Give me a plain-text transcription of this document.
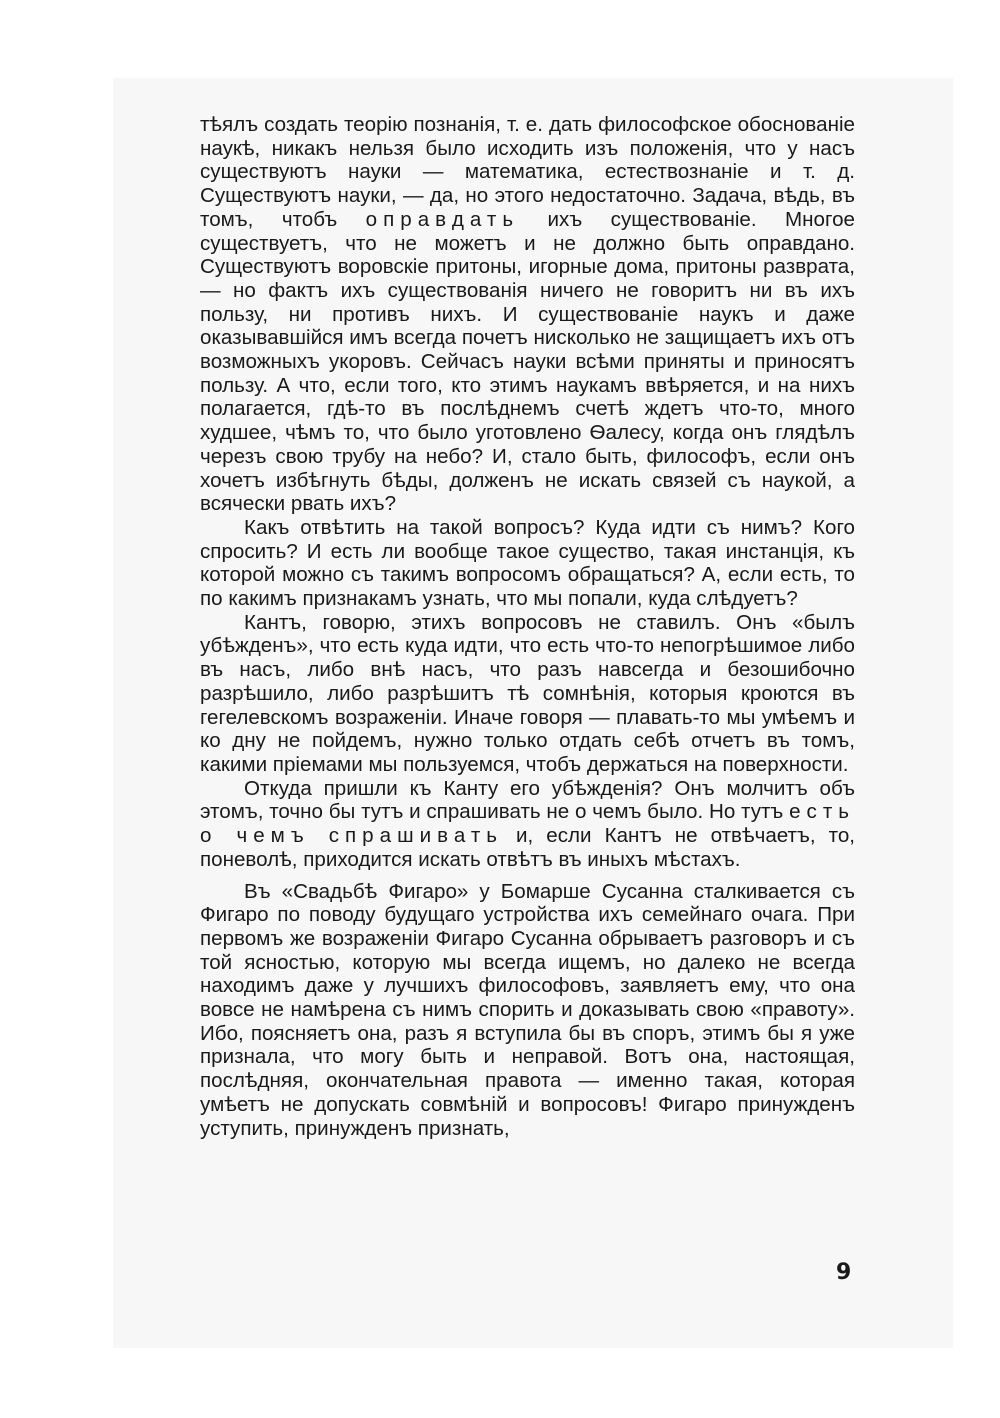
тѣялъ создать теорію познанія, т. е. дать философское обоснованіе наукѣ, никакъ нельзя было исходить изъ положенія, что у насъ существуютъ науки — математика, естествознаніе и т. д. Существуютъ науки, — да, но этого недостаточно. Задача, вѣдь, въ томъ, чтобъ оправдать ихъ существованіе. Многое существуетъ, что не можетъ и не должно быть оправдано. Существуютъ воровскіе притоны, игорные дома, притоны разврата, — но фактъ ихъ существованія ничего не говоритъ ни въ ихъ пользу, ни противъ нихъ. И существованіе наукъ и даже оказывавшійся имъ всегда почетъ нисколько не защищаетъ ихъ отъ возможныхъ укоровъ. Сейчасъ науки всѣми приняты и приносятъ пользу. А что, если того, кто этимъ наукамъ ввѣряется, и на нихъ полагается, гдѣ-то въ послѣднемъ счетѣ ждетъ что-то, много худшее, чѣмъ то, что было уготовлено Ѳалесу, когда онъ глядѣлъ черезъ свою трубу на небо? И, стало быть, философъ, если онъ хочетъ избѣгнуть бѣды, долженъ не искать связей съ наукой, а всячески рвать ихъ?

Какъ отвѣтить на такой вопросъ? Куда идти съ нимъ? Кого спросить? И есть ли вообще такое существо, такая инстанція, къ которой можно съ такимъ вопросомъ обращаться? А, если есть, то по какимъ признакамъ узнать, что мы попали, куда слѣдуетъ?

Кантъ, говорю, этихъ вопросовъ не ставилъ. Онъ «былъ убѣжденъ», что есть куда идти, что есть что-то непогрѣшимое либо въ насъ, либо внѣ насъ, что разъ навсегда и безошибочно разрѣшило, либо разрѣшитъ тѣ сомнѣнія, которыя кроются въ гегелевскомъ возраженіи. Иначе говоря — плавать-то мы умѣемъ и ко дну не пойдемъ, нужно только отдать себѣ отчетъ въ томъ, какими пріемами мы пользуемся, чтобъ держаться на поверхности.

Откуда пришли къ Канту его убѣжденія? Онъ молчитъ объ этомъ, точно бы тутъ и спрашивать не о чемъ было. Но тутъ есть о чемъ спрашивать и, если Кантъ не отвѣчаетъ, то, поневолѣ, приходится искать отвѣтъ въ иныхъ мѣстахъ.

Въ «Свадьбѣ Фигаро» у Бомарше Сусанна сталкивается съ Фигаро по поводу будущаго устройства ихъ семейнаго очага. При первомъ же возраженіи Фигаро Сусанна обрываетъ разговоръ и съ той ясностью, которую мы всегда ищемъ, но далеко не всегда находимъ даже у лучшихъ философовъ, заявляетъ ему, что она вовсе не намѣрена съ нимъ спорить и доказывать свою «правоту». Ибо, поясняетъ она, разъ я вступила бы въ споръ, этимъ бы я уже признала, что могу быть и неправой. Вотъ она, настоящая, послѣдняя, окончательная правота — именно такая, которая умѣетъ не допускать совмѣній и вопросовъ! Фигаро принужденъ уступить, принужденъ признать,

9
